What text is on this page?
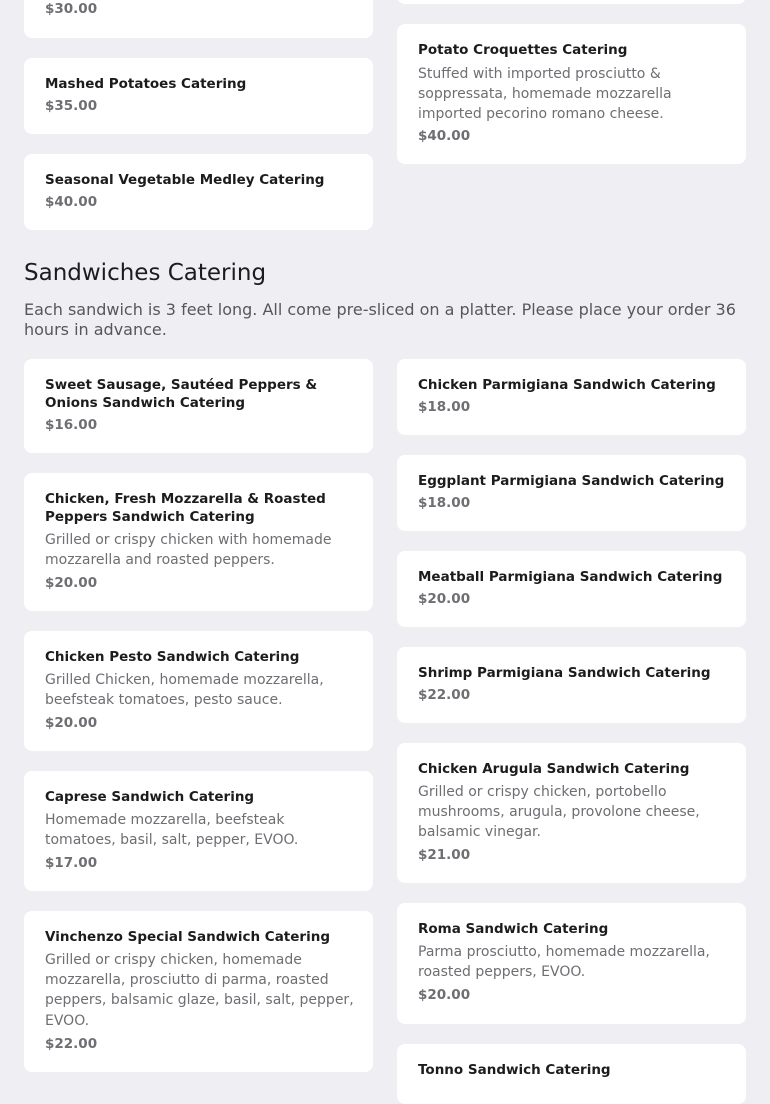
$30.00
Mashed Potatoes Catering
$35.00
Seasonal Vegetable Medley Catering
$40.00
Potato Croquettes Catering
Stuffed with imported prosciutto & soppressata, homemade mozzarella imported pecorino romano cheese.
$40.00
Sandwiches Catering
Each sandwich is 3 feet long. All come pre-sliced on a platter. Please place your order 36 hours in advance.
Sweet Sausage, Sautéed Peppers & Onions Sandwich Catering
$16.00
Chicken, Fresh Mozzarella & Roasted Peppers Sandwich Catering
Grilled or crispy chicken with homemade mozzarella and roasted peppers.
$20.00
Chicken Pesto Sandwich Catering
Grilled Chicken, homemade mozzarella, beefsteak tomatoes, pesto sauce.
$20.00
Caprese Sandwich Catering
Homemade mozzarella, beefsteak tomatoes, basil, salt, pepper, EVOO.
$17.00
Vinchenzo Special Sandwich Catering
Grilled or crispy chicken, homemade mozzarella, prosciutto di parma, roasted peppers, balsamic glaze, basil, salt, pepper, EVOO.
$22.00
Chicken Parmigiana Sandwich Catering
$18.00
Eggplant Parmigiana Sandwich Catering
$18.00
Meatball Parmigiana Sandwich Catering
$20.00
Shrimp Parmigiana Sandwich Catering
$22.00
Chicken Arugula Sandwich Catering
Grilled or crispy chicken, portobello mushrooms, arugula, provolone cheese, balsamic vinegar.
$21.00
Roma Sandwich Catering
Parma prosciutto, homemade mozzarella, roasted peppers, EVOO.
$20.00
Tonno Sandwich Catering
